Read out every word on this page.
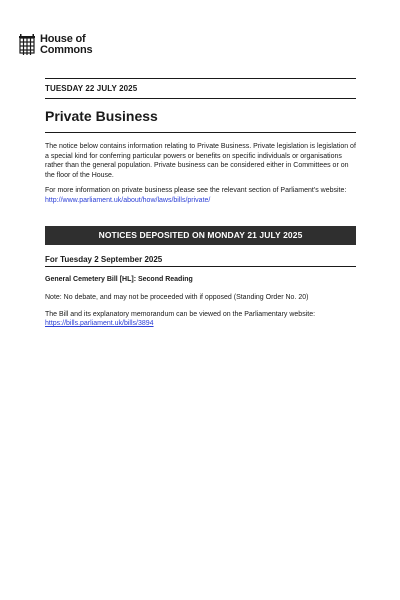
House of
Commons
TUESDAY 22 JULY 2025
Private Business

The notice below contains information relating to Private Business. Private legislation is legislation of a special kind for conferring particular powers or benefits on specific individuals or organisations rather than the general population. Private business can be considered either in Committees or on the floor of the House.

For more information on private business please see the relevant section of Parliament's website: http://www.parliament.uk/about/how/laws/bills/private/

NOTICES DEPOSITED ON MONDAY 21 JULY 2025
For Tuesday 2 September 2025
General Cemetery Bill [HL]: Second Reading
Note: No debate, and may not be proceeded with if opposed (Standing Order No. 20)
The Bill and its explanatory memorandum can be viewed on the Parliamentary website:
https://bills.parliament.uk/bills/3894
